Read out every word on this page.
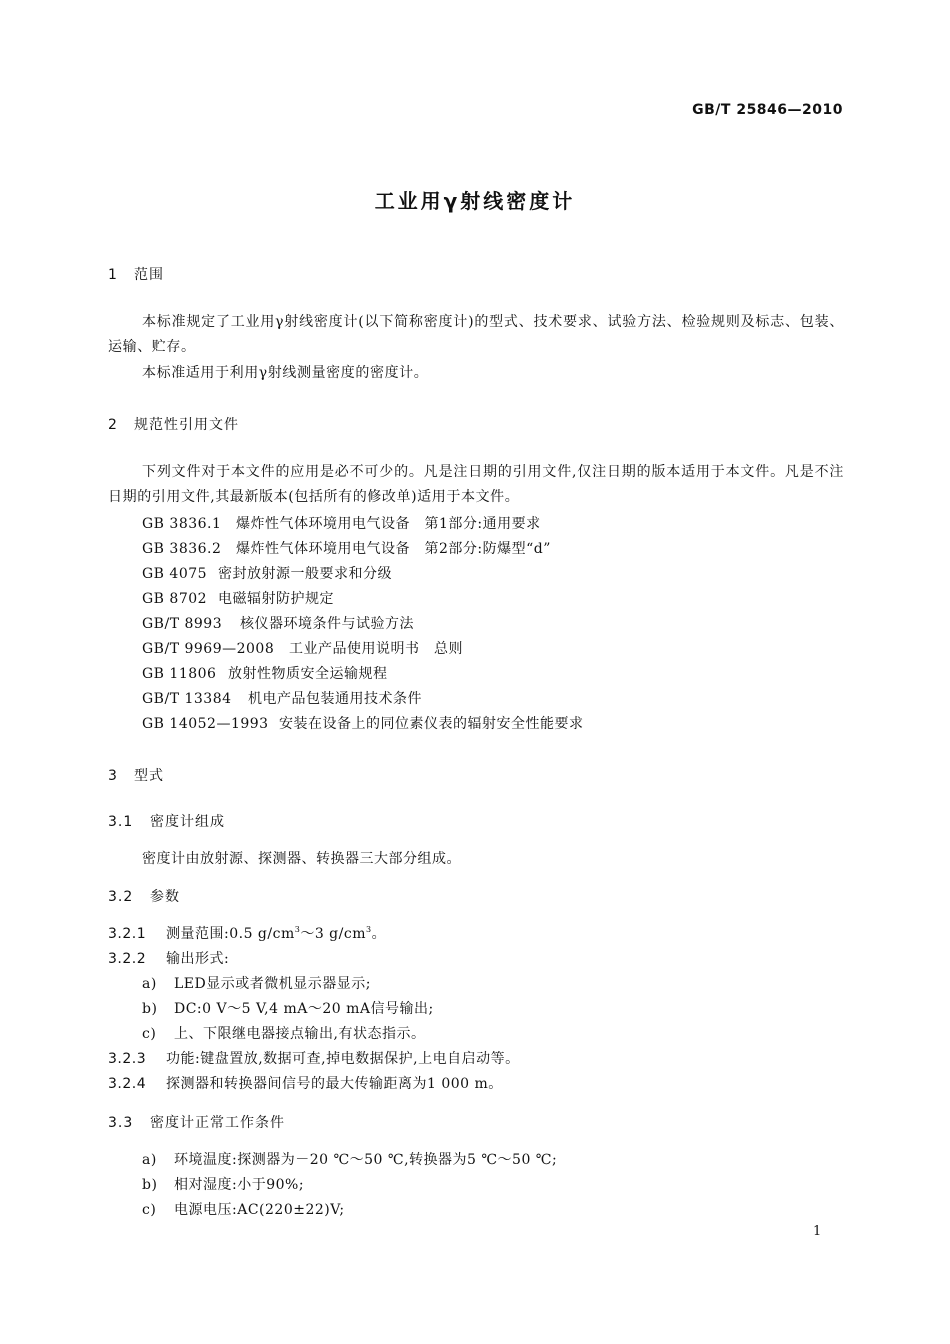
GB/T 25846—2010
工业用γ射线密度计
1 范围
本标准规定了工业用γ射线密度计(以下简称密度计)的型式、技术要求、试验方法、检验规则及标志、包装、运输、贮存。
本标准适用于利用γ射线测量密度的密度计。
2 规范性引用文件
下列文件对于本文件的应用是必不可少的。凡是注日期的引用文件,仅注日期的版本适用于本文件。凡是不注日期的引用文件,其最新版本(包括所有的修改单)适用于本文件。
GB 3836.1 爆炸性气体环境用电气设备　第1部分:通用要求
GB 3836.2 爆炸性气体环境用电气设备　第2部分:防爆型“d”
GB 4075 密封放射源一般要求和分级
GB 8702 电磁辐射防护规定
GB/T 8993 核仪器环境条件与试验方法
GB/T 9969—2008 工业产品使用说明书　总则
GB 11806 放射性物质安全运输规程
GB/T 13384 机电产品包装通用技术条件
GB 14052—1993 安装在设备上的同位素仪表的辐射安全性能要求
3 型式
3.1 密度计组成
密度计由放射源、探测器、转换器三大部分组成。
3.2 参数
3.2.1 测量范围:0.5 $g/cm^3\sim 3$ $g/cm^3$。
3.2.2 输出形式:
a) LED显示或者微机显示器显示;
b) DC:0 V～5 V,4 mA～20 mA信号输出;
c) 上、下限继电器接点输出,有状态指示。
3.2.3 功能:键盘置放,数据可查,掉电数据保护,上电自启动等。
3.2.4 探测器和转换器间信号的最大传输距离为1 000 m。
3.3 密度计正常工作条件
a) 环境温度:探测器为－20 ℃～50 ℃,转换器为5 ℃～50 ℃;
b) 相对湿度:小于90%;
c) 电源电压:AC(220±22)V;
1
